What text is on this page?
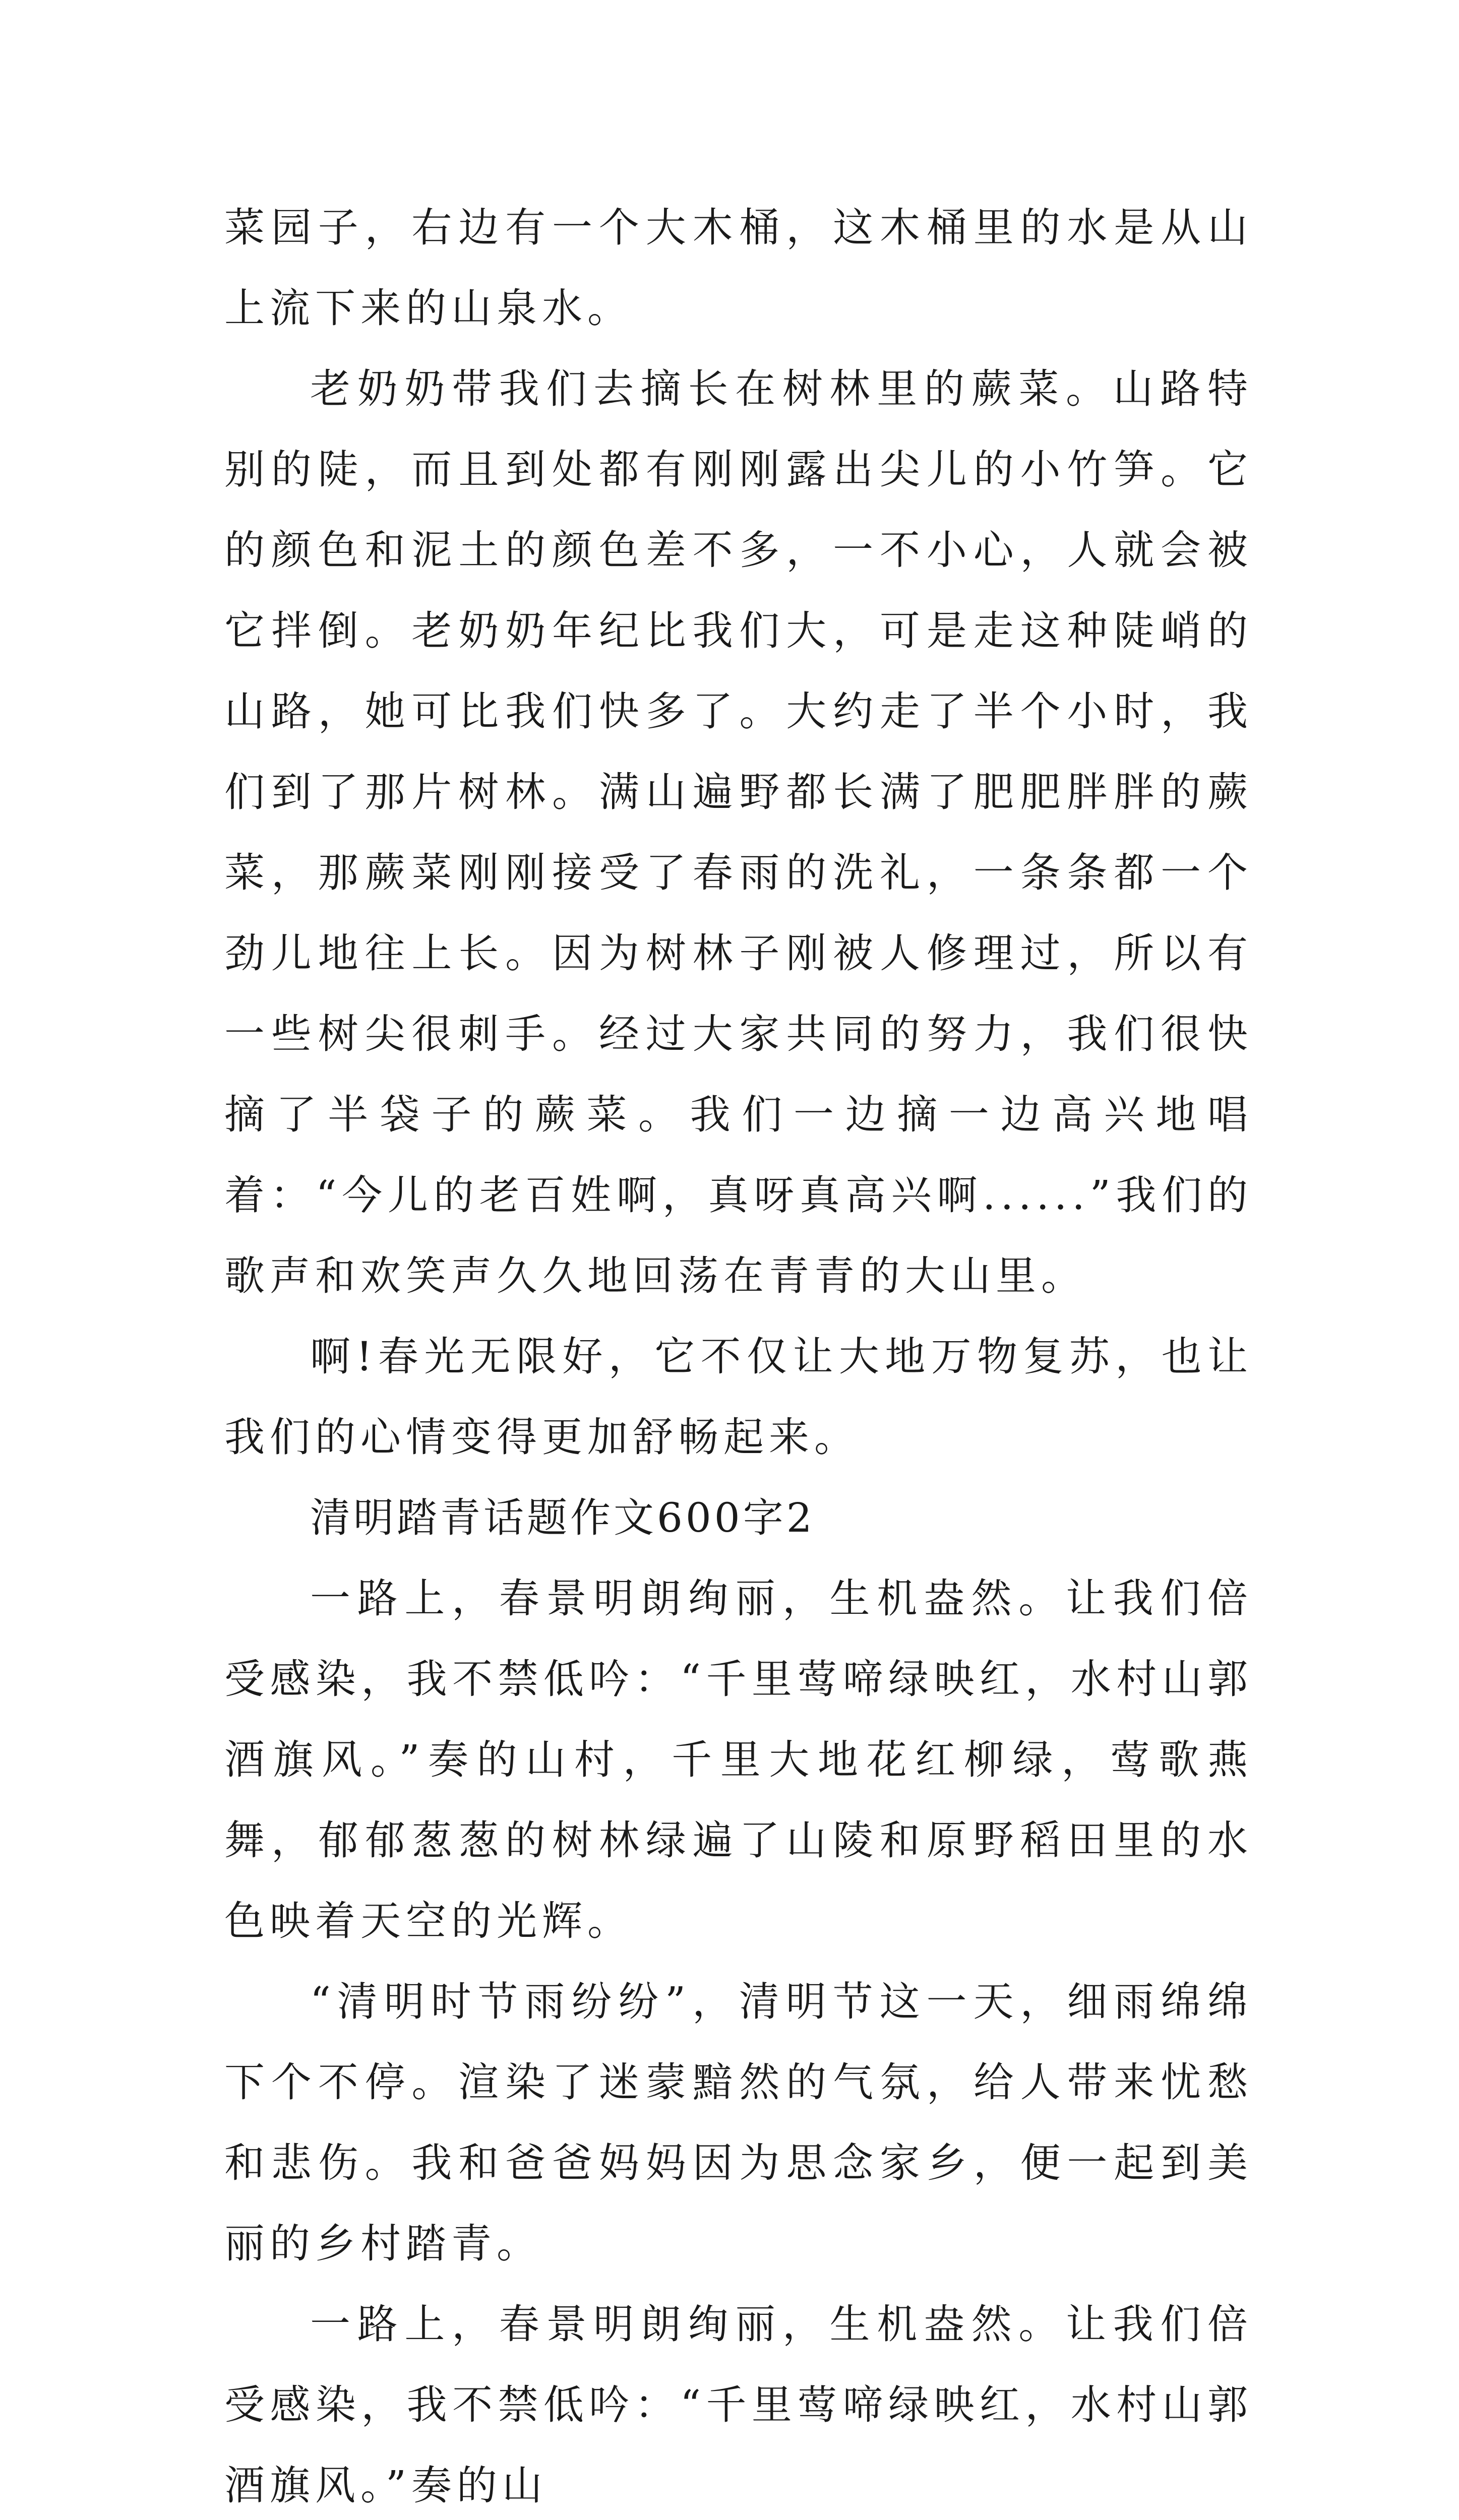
菜园子，右边有一个大木桶，这木桶里的水是从山上流下来的山泉水。

老奶奶带我们去摘长在树林里的蕨菜。山路特别的陡，而且到处都有刚刚露出尖儿的小竹笋。它的颜色和泥土的颜色差不多，一不小心，人就会被它拌倒。老奶奶年纪比我们大，可是走这种陡峭的山路，她可比我们快多了。大约走了半个小时，我们到了那片树林。满山遍野都长满了肥肥胖胖的蕨菜，那蕨菜刚刚接受了春雨的洗礼，一条条都一个劲儿地往上长。因为树林子刚被人修理过，所以有一些树尖很刺手。经过大家共同的努力，我们很快摘了半袋子的蕨菜。我们一边摘一边高兴地唱着：“今儿的老百姓啊，真呀真高兴啊......”我们的歌声和欢笑声久久地回荡在青青的大山里。

啊!春光无限好，它不仅让大地万物复苏，也让我们的心情变得更加舒畅起来。

清明踏青话题作文600字2

一路上，春景明朗绚丽，生机盎然。让我们倍受感染，我不禁低吟：“千里莺啼绿映红，水村山郭酒旗风。”奏的山村，千里大地花红柳绿，莺歌燕舞，郁郁葱葱的树林绿遍了山陵和原野稻田里的水色映着天空的光辉。

“清明时节雨纷纷”，清明节这一天，细雨绵绵下个不停。渲染了迷蒙黯然的气氛，给人带来忧愁和悲伤。我和爸爸妈妈因为思念家乡，便一起到美丽的乡村踏青。

一路上，春景明朗绚丽，生机盎然。让我们倍受感染，我不禁低吟：“千里莺啼绿映红，水村山郭酒旗风。”奏的山
